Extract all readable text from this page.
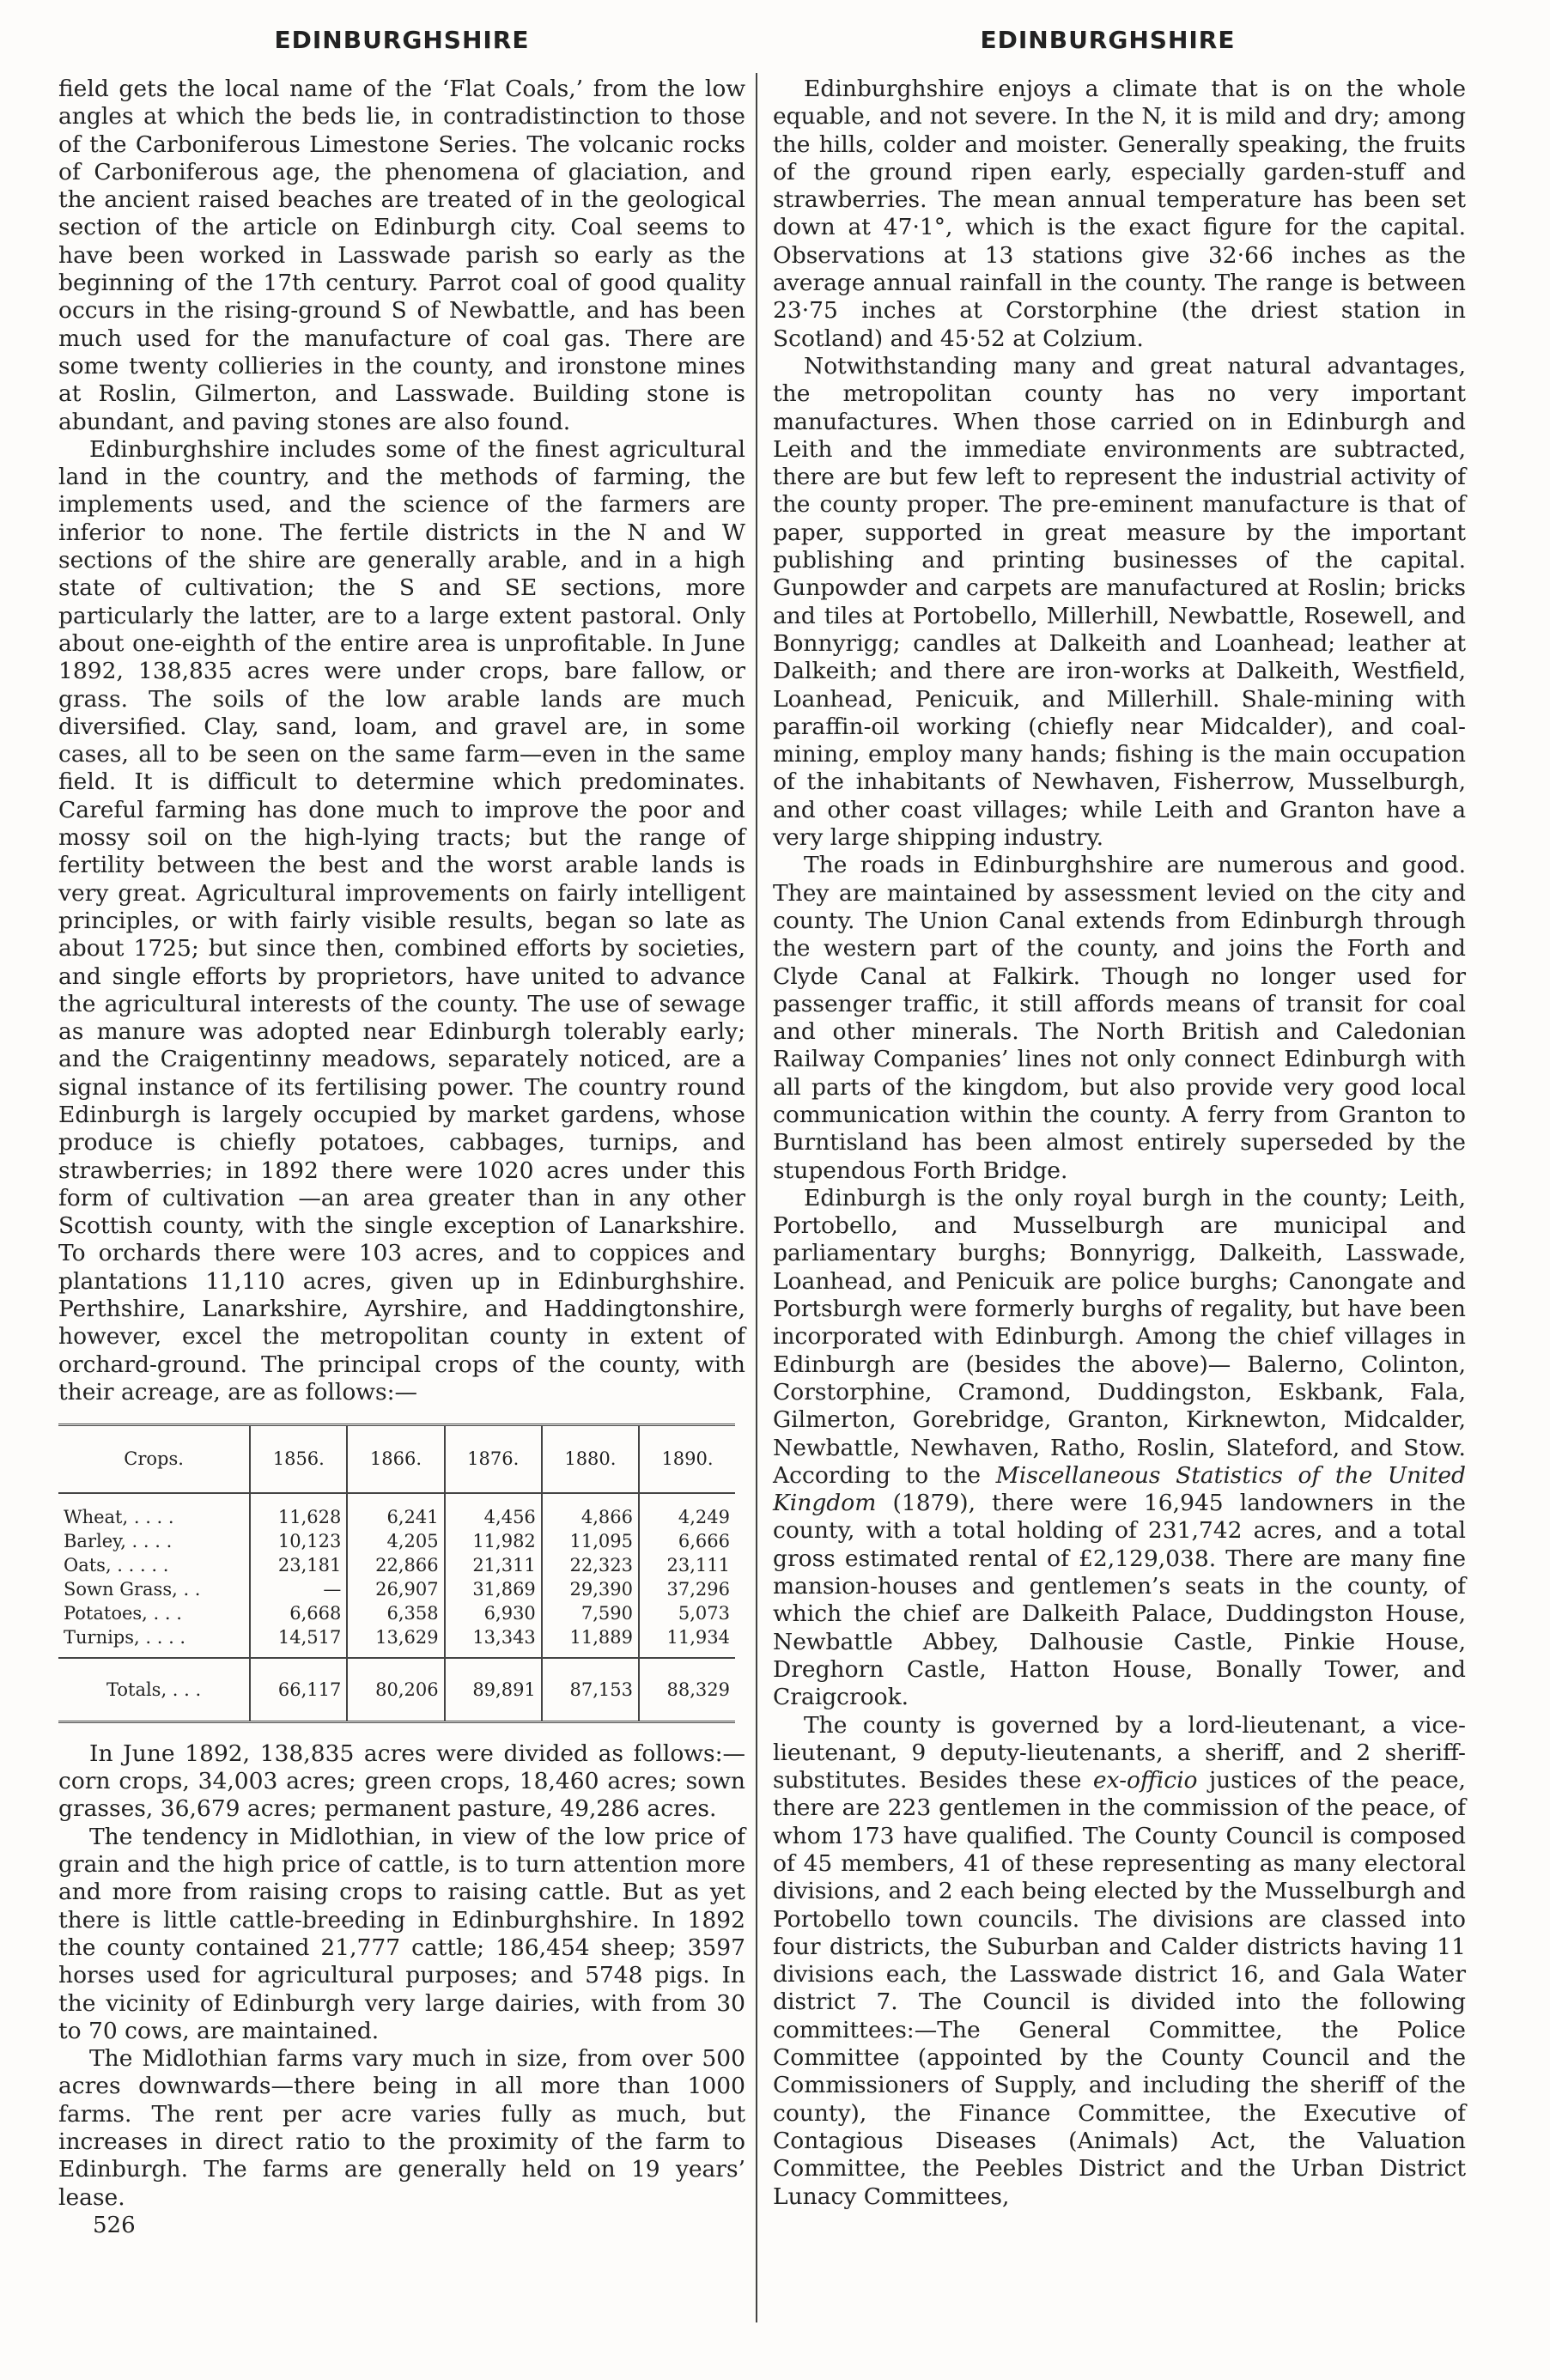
EDINBURGHSHIRE	EDINBURGHSHIRE

field gets the local name of the ‘Flat Coals,’ from the low angles at which the beds lie, in contradistinction to those of the Carboniferous Limestone Series. The volcanic rocks of Carboniferous age, the phenomena of glaciation, and the ancient raised beaches are treated of in the geological section of the article on Edinburgh city. Coal seems to have been worked in Lasswade parish so early as the beginning of the 17th century. Parrot coal of good quality occurs in the rising-ground S of Newbattle, and has been much used for the manufacture of coal gas. There are some twenty collieries in the county, and ironstone mines at Roslin, Gilmerton, and Lasswade. Building stone is abundant, and paving stones are also found.

Edinburghshire includes some of the finest agricultural land in the country, and the methods of farming, the implements used, and the science of the farmers are inferior to none. The fertile districts in the N and W sections of the shire are generally arable, and in a high state of cultivation; the S and SE sections, more particularly the latter, are to a large extent pastoral. Only about one-eighth of the entire area is unprofitable. In June 1892, 138,835 acres were under crops, bare fallow, or grass. The soils of the low arable lands are much diversified. Clay, sand, loam, and gravel are, in some cases, all to be seen on the same farm—even in the same field. It is difficult to determine which predominates. Careful farming has done much to improve the poor and mossy soil on the high-lying tracts; but the range of fertility between the best and the worst arable lands is very great. Agricultural improvements on fairly intelligent principles, or with fairly visible results, began so late as about 1725; but since then, combined efforts by societies, and single efforts by proprietors, have united to advance the agricultural interests of the county. The use of sewage as manure was adopted near Edinburgh tolerably early; and the Craigentinny meadows, separately noticed, are a signal instance of its fertilising power. The country round Edinburgh is largely occupied by market gardens, whose produce is chiefly potatoes, cabbages, turnips, and strawberries; in 1892 there were 1020 acres under this form of cultivation —an area greater than in any other Scottish county, with the single exception of Lanarkshire. To orchards there were 103 acres, and to coppices and plantations 11,110 acres, given up in Edinburghshire. Perthshire, Lanarkshire, Ayrshire, and Haddingtonshire, however, excel the metropolitan county in extent of orchard-ground. The principal crops of the county, with their acreage, are as follows:—

Crops.	1856.	1866.	1876.	1880.	1890.
Wheat, . . . .	11,628	6,241	4,456	4,866	4,249
Barley, . . . .	10,123	4,205	11,982	11,095	6,666
Oats, . . . . .	23,181	22,866	21,311	22,323	23,111
Sown Grass, . .	—	26,907	31,869	29,390	37,296
Potatoes, . . .	6,668	6,358	6,930	7,590	5,073
Turnips, . . . .	14,517	13,629	13,343	11,889	11,934
Totals, . . .	66,117	80,206	89,891	87,153	88,329

In June 1892, 138,835 acres were divided as follows:— corn crops, 34,003 acres; green crops, 18,460 acres; sown grasses, 36,679 acres; permanent pasture, 49,286 acres.

The tendency in Midlothian, in view of the low price of grain and the high price of cattle, is to turn attention more and more from raising crops to raising cattle. But as yet there is little cattle-breeding in Edinburghshire. In 1892 the county contained 21,777 cattle; 186,454 sheep; 3597 horses used for agricultural purposes; and 5748 pigs. In the vicinity of Edinburgh very large dairies, with from 30 to 70 cows, are maintained.

The Midlothian farms vary much in size, from over 500 acres downwards—there being in all more than 1000 farms. The rent per acre varies fully as much, but increases in direct ratio to the proximity of the farm to Edinburgh. The farms are generally held on 19 years’ lease.

526

Edinburghshire enjoys a climate that is on the whole equable, and not severe. In the N, it is mild and dry; among the hills, colder and moister. Generally speaking, the fruits of the ground ripen early, especially garden-stuff and strawberries. The mean annual temperature has been set down at 47·1°, which is the exact figure for the capital. Observations at 13 stations give 32·66 inches as the average annual rainfall in the county. The range is between 23·75 inches at Corstorphine (the driest station in Scotland) and 45·52 at Colzium.

Notwithstanding many and great natural advantages, the metropolitan county has no very important manufactures. When those carried on in Edinburgh and Leith and the immediate environments are subtracted, there are but few left to represent the industrial activity of the county proper. The pre-eminent manufacture is that of paper, supported in great measure by the important publishing and printing businesses of the capital. Gunpowder and carpets are manufactured at Roslin; bricks and tiles at Portobello, Millerhill, Newbattle, Rosewell, and Bonnyrigg; candles at Dalkeith and Loanhead; leather at Dalkeith; and there are iron-works at Dalkeith, Westfield, Loanhead, Penicuik, and Millerhill. Shale-mining with paraffin-oil working (chiefly near Midcalder), and coal-mining, employ many hands; fishing is the main occupation of the inhabitants of Newhaven, Fisherrow, Musselburgh, and other coast villages; while Leith and Granton have a very large shipping industry.

The roads in Edinburghshire are numerous and good. They are maintained by assessment levied on the city and county. The Union Canal extends from Edinburgh through the western part of the county, and joins the Forth and Clyde Canal at Falkirk. Though no longer used for passenger traffic, it still affords means of transit for coal and other minerals. The North British and Caledonian Railway Companies’ lines not only connect Edinburgh with all parts of the kingdom, but also provide very good local communication within the county. A ferry from Granton to Burntisland has been almost entirely superseded by the stupendous Forth Bridge.

Edinburgh is the only royal burgh in the county; Leith, Portobello, and Musselburgh are municipal and parliamentary burghs; Bonnyrigg, Dalkeith, Lasswade, Loanhead, and Penicuik are police burghs; Canongate and Portsburgh were formerly burghs of regality, but have been incorporated with Edinburgh. Among the chief villages in Edinburgh are (besides the above)— Balerno, Colinton, Corstorphine, Cramond, Duddingston, Eskbank, Fala, Gilmerton, Gorebridge, Granton, Kirknewton, Midcalder, Newbattle, Newhaven, Ratho, Roslin, Slateford, and Stow. According to the Miscellaneous Statistics of the United Kingdom (1879), there were 16,945 landowners in the county, with a total holding of 231,742 acres, and a total gross estimated rental of £2,129,038. There are many fine mansion-houses and gentlemen’s seats in the county, of which the chief are Dalkeith Palace, Duddingston House, Newbattle Abbey, Dalhousie Castle, Pinkie House, Dreghorn Castle, Hatton House, Bonally Tower, and Craigcrook.

The county is governed by a lord-lieutenant, a vice-lieutenant, 9 deputy-lieutenants, a sheriff, and 2 sheriff-substitutes. Besides these ex-officio justices of the peace, there are 223 gentlemen in the commission of the peace, of whom 173 have qualified. The County Council is composed of 45 members, 41 of these representing as many electoral divisions, and 2 each being elected by the Musselburgh and Portobello town councils. The divisions are classed into four districts, the Suburban and Calder districts having 11 divisions each, the Lasswade district 16, and Gala Water district 7. The Council is divided into the following committees:—The General Committee, the Police Committee (appointed by the County Council and the Commissioners of Supply, and including the sheriff of the county), the Finance Committee, the Executive of Contagious Diseases (Animals) Act, the Valuation Committee, the Peebles District and the Urban District Lunacy Committees,
